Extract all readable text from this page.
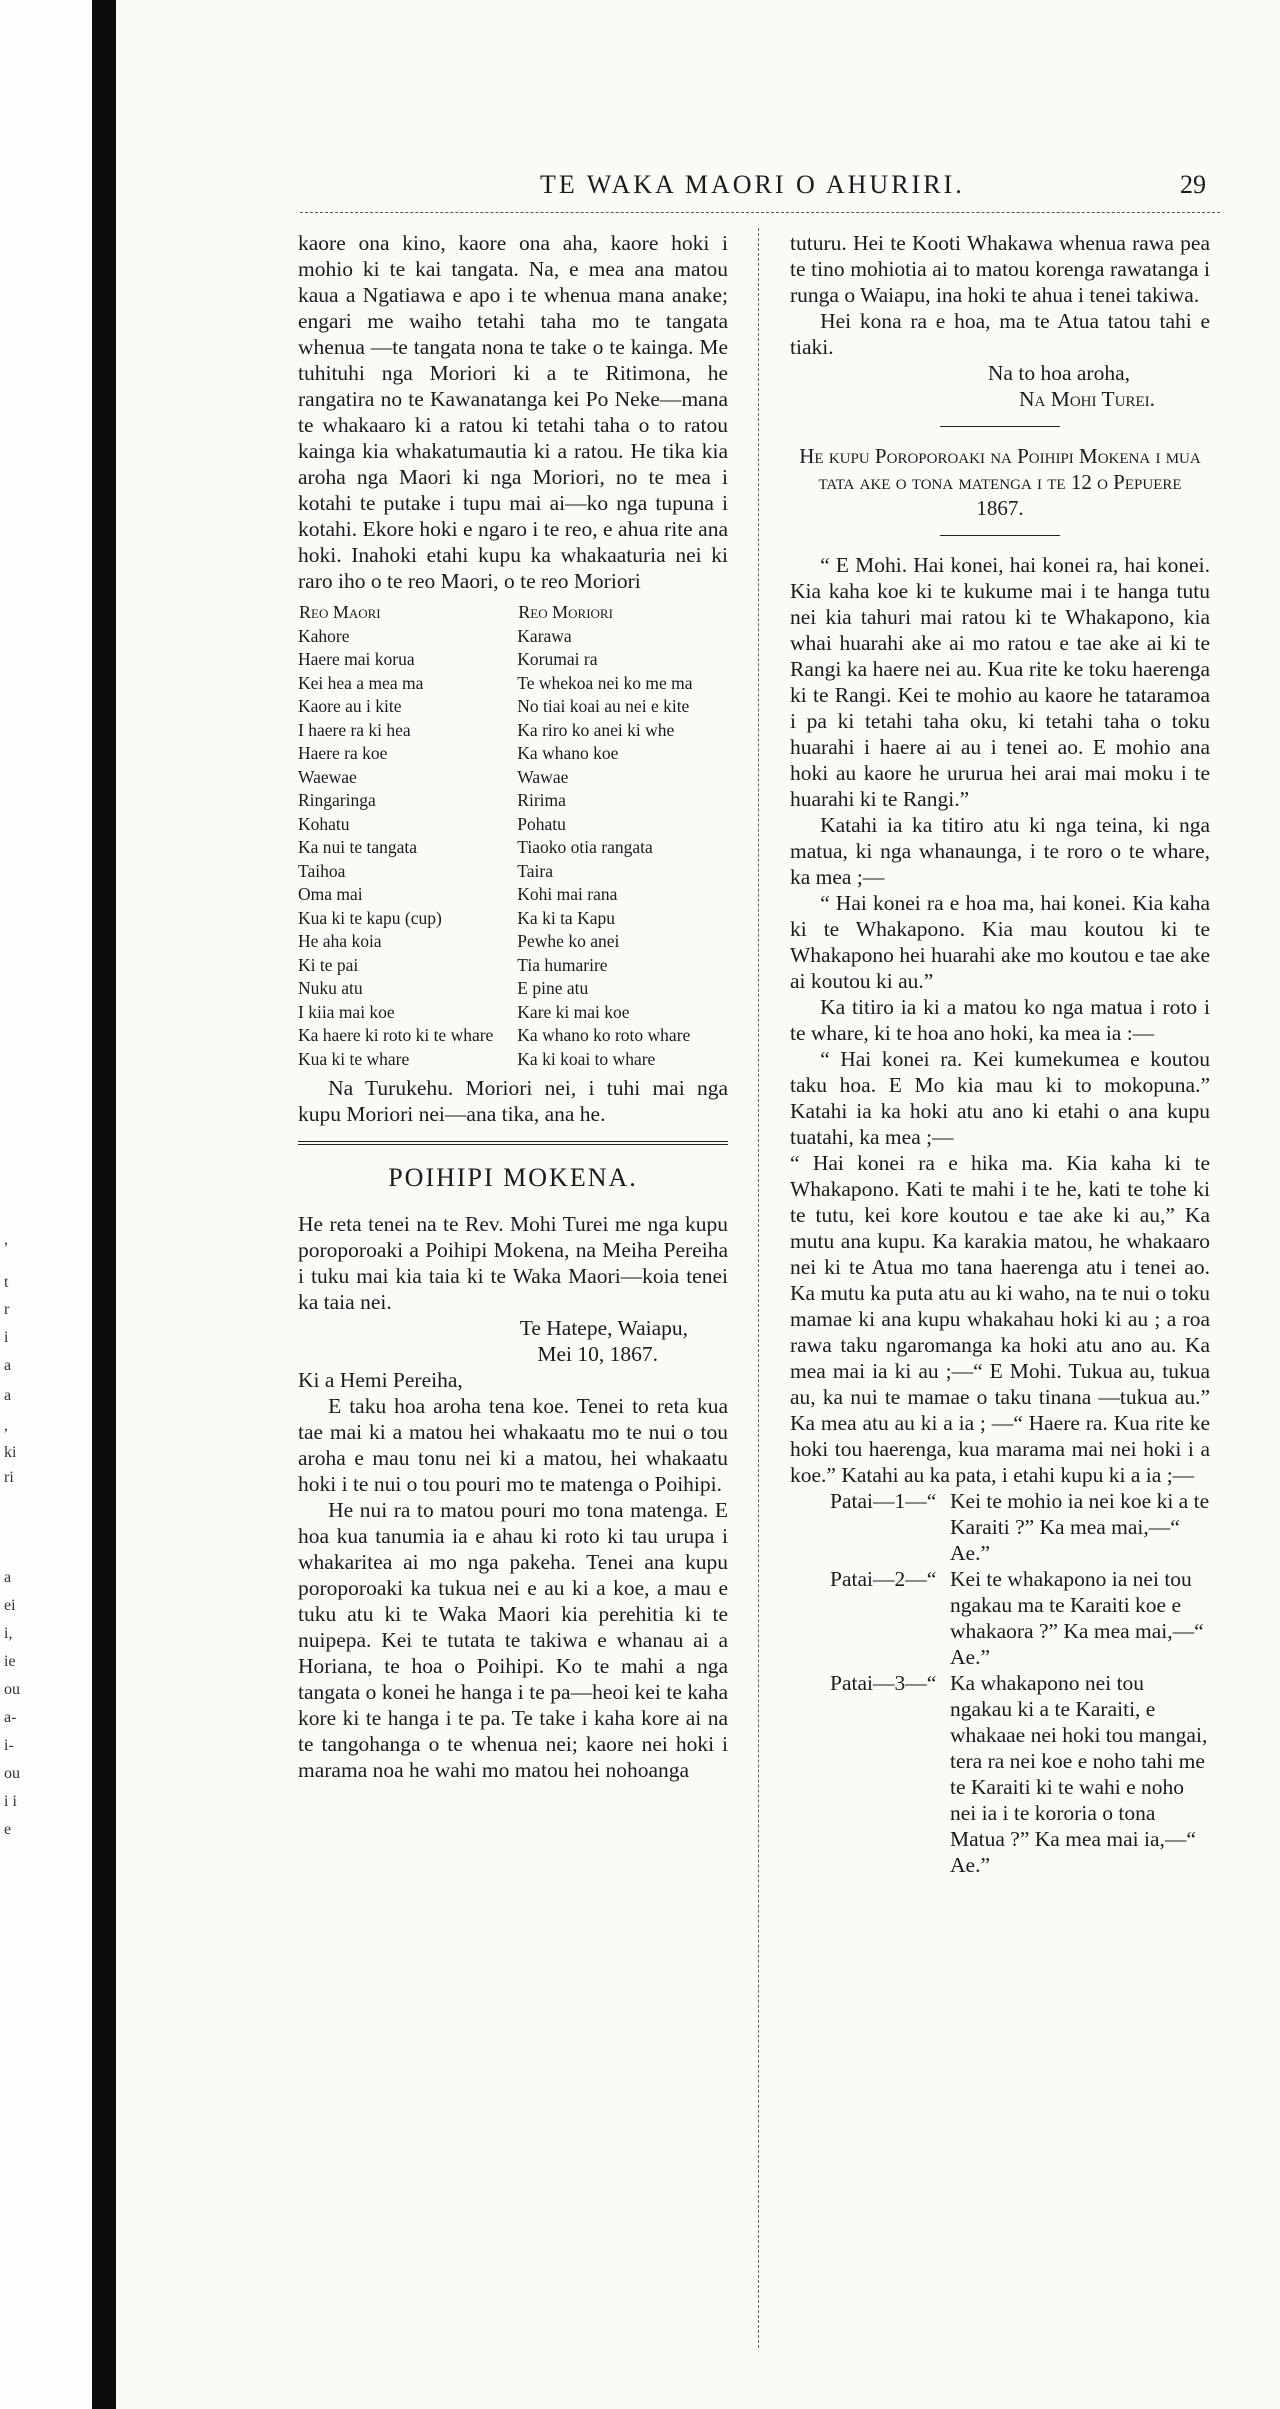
,
t
r
i
a
a
,
ki
ri
a
ei
i,
ie
ou
a-
i-
ou
i i
e
TE WAKA MAORI O AHURIRI.	29

kaore ona kino, kaore ona aha, kaore hoki i mohio ki te kai tangata. Na, e mea ana matou kaua a Ngatiawa e apo i te whenua mana anake; engari me waiho tetahi taha mo te tangata whenua —te tangata nona te take o te kainga. Me tuhituhi nga Moriori ki a te Ritimona, he rangatira no te Kawanatanga kei Po Neke—mana te whakaaro ki a ratou ki tetahi taha o to ratou kainga kia whakatumautia ki a ratou. He tika kia aroha nga Maori ki nga Moriori, no te mea i kotahi te putake i tupu mai ai—ko nga tupuna i kotahi. Ekore hoki e ngaro i te reo, e ahua rite ana hoki. Inahoki etahi kupu ka whakaaturia nei ki raro iho o te reo Maori, o te reo Moriori

Reo Maori	Reo Moriori
Kahore	Karawa
Haere mai korua	Korumai ra
Kei hea a mea ma	Te whekoa nei ko me ma
Kaore au i kite	No tiai koai au nei e kite
I haere ra ki hea	Ka riro ko anei ki whe
Haere ra koe	Ka whano koe
Waewae	Wawae
Ringaringa	Ririma
Kohatu	Pohatu
Ka nui te tangata	Tiaoko otia rangata
Taihoa	Taira
Oma mai	Kohi mai rana
Kua ki te kapu (cup)	Ka ki ta Kapu
He aha koia	Pewhe ko anei
Ki te pai	Tia humarire
Nuku atu	E pine atu
I kiia mai koe	Kare ki mai koe
Ka haere ki roto ki te whare	Ka whano ko roto whare
Kua ki te whare	Ka ki koai to whare

Na Turukehu. Moriori nei, i tuhi mai nga kupu Moriori nei—ana tika, ana he.

POIHIPI MOKENA.

He reta tenei na te Rev. Mohi Turei me nga kupu poroporoaki a Poihipi Mokena, na Meiha Pereiha i tuku mai kia taia ki te Waka Maori—koia tenei ka taia nei.

Te Hatepe, Waiapu,

Mei 10, 1867.

Ki a Hemi Pereiha,

E taku hoa aroha tena koe. Tenei to reta kua tae mai ki a matou hei whakaatu mo te nui o tou aroha e mau tonu nei ki a matou, hei whakaatu hoki i te nui o tou pouri mo te matenga o Poihipi.

He nui ra to matou pouri mo tona matenga. E hoa kua tanumia ia e ahau ki roto ki tau urupa i whakaritea ai mo nga pakeha. Tenei ana kupu poroporoaki ka tukua nei e au ki a koe, a mau e tuku atu ki te Waka Maori kia perehitia ki te nuipepa. Kei te tutata te takiwa e whanau ai a Horiana, te hoa o Poihipi. Ko te mahi a nga tangata o konei he hanga i te pa—heoi kei te kaha kore ki te hanga i te pa. Te take i kaha kore ai na te tangohanga o te whenua nei; kaore nei hoki i marama noa he wahi mo matou hei nohoanga

tuturu. Hei te Kooti Whakawa whenua rawa pea te tino mohiotia ai to matou korenga rawatanga i runga o Waiapu, ina hoki te ahua i tenei takiwa.

Hei kona ra e hoa, ma te Atua tatou tahi e tiaki.

Na to hoa aroha,

Na Mohi Turei.

He kupu Poroporoaki na Poihipi Mokena i mua tata ake o tona matenga i te 12 o Pepuere 1867.

“ E Mohi. Hai konei, hai konei ra, hai konei. Kia kaha koe ki te kukume mai i te hanga tutu nei kia tahuri mai ratou ki te Whakapono, kia whai huarahi ake ai mo ratou e tae ake ai ki te Rangi ka haere nei au. Kua rite ke toku haerenga ki te Rangi. Kei te mohio au kaore he tataramoa i pa ki tetahi taha oku, ki tetahi taha o toku huarahi i haere ai au i tenei ao. E mohio ana hoki au kaore he ururua hei arai mai moku i te huarahi ki te Rangi.”

Katahi ia ka titiro atu ki nga teina, ki nga matua, ki nga whanaunga, i te roro o te whare, ka mea ;—

“ Hai konei ra e hoa ma, hai konei. Kia kaha ki te Whakapono. Kia mau koutou ki te Whakapono hei huarahi ake mo koutou e tae ake ai koutou ki au.”

Ka titiro ia ki a matou ko nga matua i roto i te whare, ki te hoa ano hoki, ka mea ia :—

“ Hai konei ra. Kei kumekumea e koutou taku hoa. E Mo kia mau ki to mokopuna.” Katahi ia ka hoki atu ano ki etahi o ana kupu tuatahi, ka mea ;—

“ Hai konei ra e hika ma. Kia kaha ki te Whakapono. Kati te mahi i te he, kati te tohe ki te tutu, kei kore koutou e tae ake ki au,” Ka mutu ana kupu. Ka karakia matou, he whakaaro nei ki te Atua mo tana haerenga atu i tenei ao. Ka mutu ka puta atu au ki waho, na te nui o toku mamae ki ana kupu whakahau hoki ki au ; a roa rawa taku ngaromanga ka hoki atu ano au. Ka mea mai ia ki au ;—“ E Mohi. Tukua au, tukua au, ka nui te mamae o taku tinana —tukua au.” Ka mea atu au ki a ia ; —“ Haere ra. Kua rite ke hoki tou haerenga, kua marama mai nei hoki i a koe.” Katahi au ka pata, i etahi kupu ki a ia ;—

Patai—1—“ Kei te mohio ia nei koe ki a te Karaiti ?” Ka mea mai,—“ Ae.”
Patai—2—“ Kei te whakapono ia nei tou ngakau ma te Karaiti koe e whakaora ?” Ka mea mai,—“ Ae.”
Patai—3—“ Ka whakapono nei tou ngakau ki a te Karaiti, e whakaae nei hoki tou mangai, tera ra nei koe e noho tahi me te Karaiti ki te wahi e noho nei ia i te kororia o tona Matua ?” Ka mea mai ia,—“ Ae.”
